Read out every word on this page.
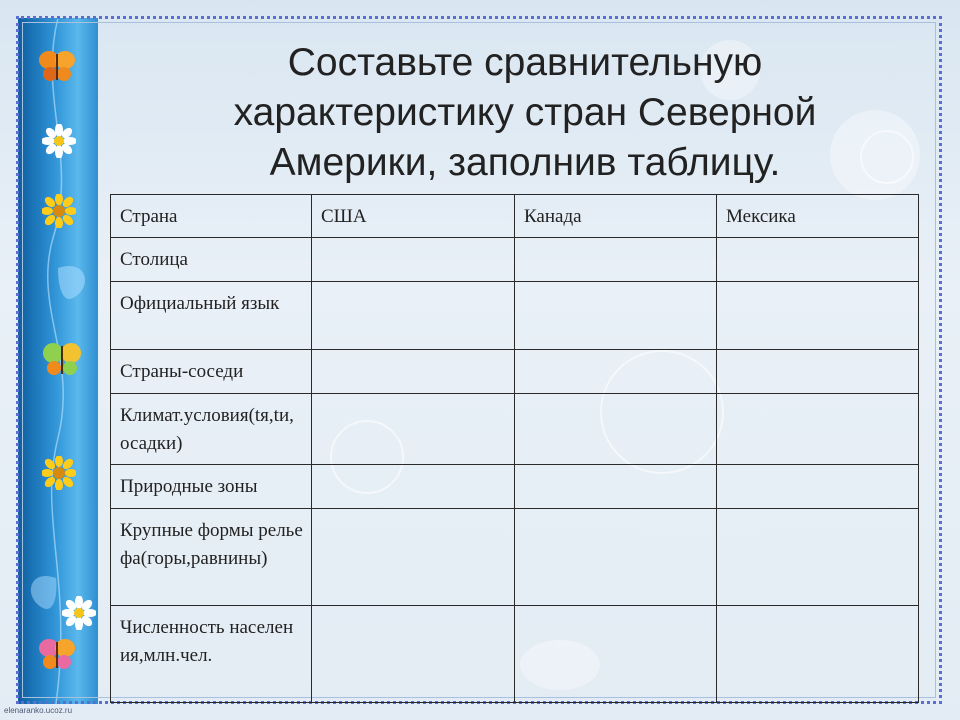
Составьте сравнительную
характеристику стран Северной
Америки, заполнив таблицу.
Страна	США	Канада	Мексика
Столица			
Официальный язык			
Страны-соседи			
Климат.условия(tя,tи,осадки)			
Природные зоны			
Крупные формы рельефа(горы,равнины)			
Численность населения,млн.чел.			
elenaranko.ucoz.ru
